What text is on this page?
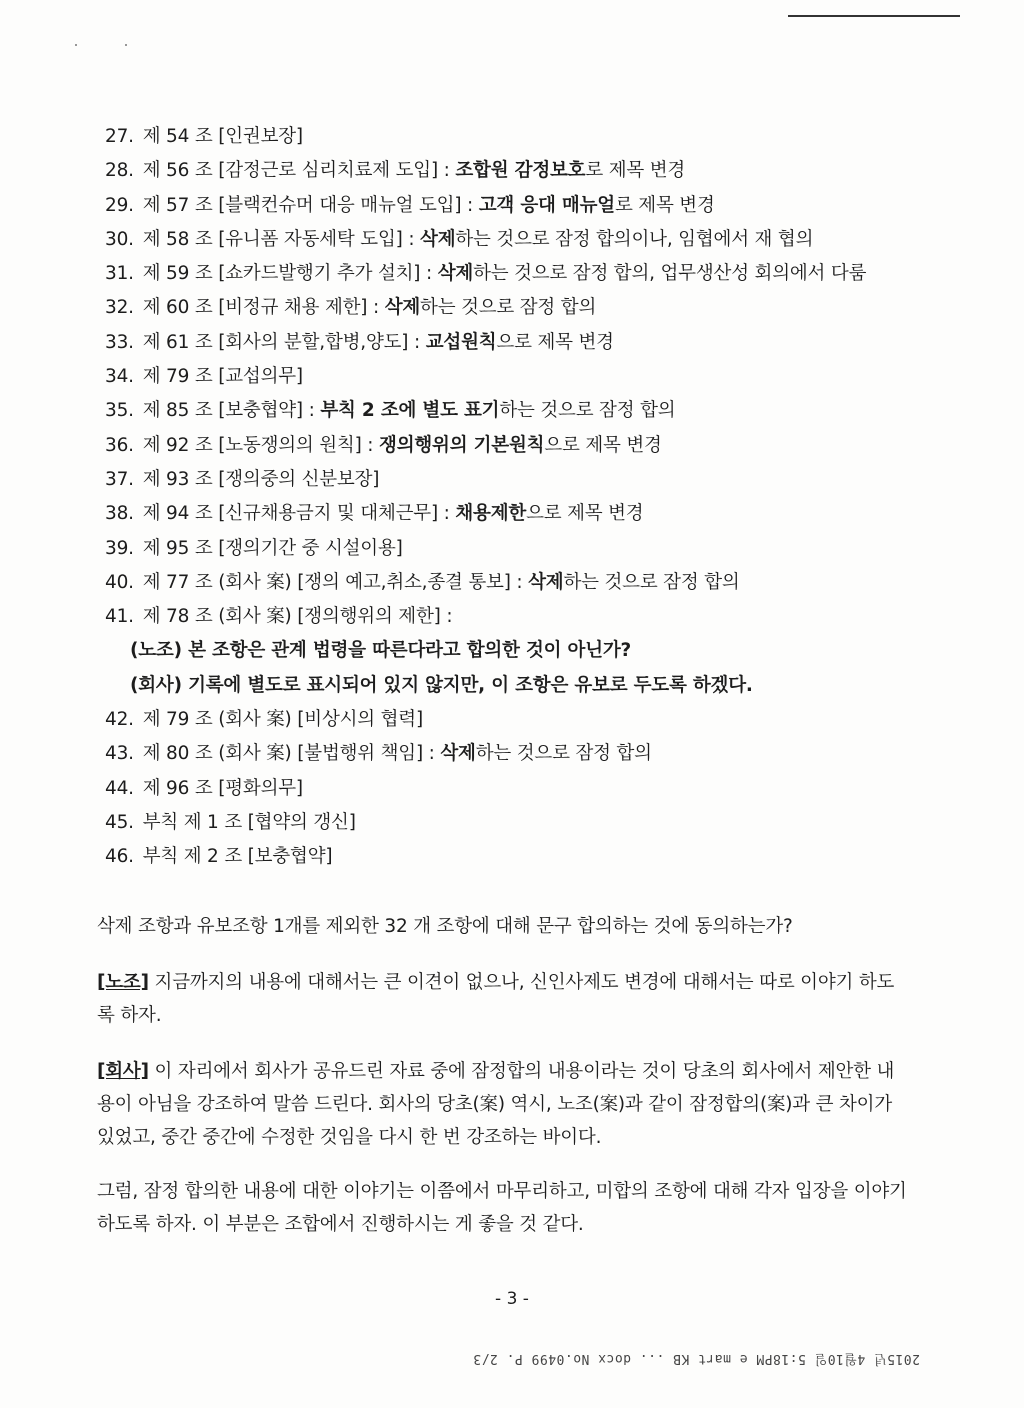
27. 제 54 조 [인권보장]
28. 제 56 조 [감정근로 심리치료제 도입] : 조합원 감정보호로 제목 변경
29. 제 57 조 [블랙컨슈머 대응 매뉴얼 도입] : 고객 응대 매뉴얼로 제목 변경
30. 제 58 조 [유니폼 자동세탁 도입] : 삭제하는 것으로 잠정 합의이나, 임협에서 재 협의
31. 제 59 조 [쇼카드발행기 추가 설치] : 삭제하는 것으로 잠정 합의, 업무생산성 회의에서 다룸
32. 제 60 조 [비정규 채용 제한] : 삭제하는 것으로 잠정 합의
33. 제 61 조 [회사의 분할,합병,양도] : 교섭원칙으로 제목 변경
34. 제 79 조 [교섭의무]
35. 제 85 조 [보충협약] : 부칙 2 조에 별도 표기하는 것으로 잠정 합의
36. 제 92 조 [노동쟁의의 원칙] : 쟁의행위의 기본원칙으로 제목 변경
37. 제 93 조 [쟁의중의 신분보장]
38. 제 94 조 [신규채용금지 및 대체근무] : 채용제한으로 제목 변경
39. 제 95 조 [쟁의기간 중 시설이용]
40. 제 77 조 (회사 案) [쟁의 예고,취소,종결 통보] : 삭제하는 것으로 잠정 합의
41. 제 78 조 (회사 案) [쟁의행위의 제한] :
(노조) 본 조항은 관계 법령을 따른다라고 합의한 것이 아닌가?
(회사) 기록에 별도로 표시되어 있지 않지만, 이 조항은 유보로 두도록 하겠다.
42. 제 79 조 (회사 案) [비상시의 협력]
43. 제 80 조 (회사 案) [불법행위 책임] : 삭제하는 것으로 잠정 합의
44. 제 96 조 [평화의무]
45. 부칙 제 1 조 [협약의 갱신]
46. 부칙 제 2 조 [보충협약]

삭제 조항과 유보조항 1개를 제외한 32 개 조항에 대해 문구 합의하는 것에 동의하는가?

[노조] 지금까지의 내용에 대해서는 큰 이견이 없으나, 신인사제도 변경에 대해서는 따로 이야기 하도록 하자.

[회사] 이 자리에서 회사가 공유드린 자료 중에 잠정합의 내용이라는 것이 당초의 회사에서 제안한 내용이 아님을 강조하여 말씀 드린다. 회사의 당초(案) 역시, 노조(案)과 같이 잠정합의(案)과 큰 차이가 있었고, 중간 중간에 수정한 것임을 다시 한 번 강조하는 바이다.

그럼, 잠정 합의한 내용에 대한 이야기는 이쯤에서 마무리하고, 미합의 조항에 대해 각자 입장을 이야기하도록 하자. 이 부분은 조합에서 진행하시는 게 좋을 것 같다.

- 3 -
2015년 4월10일 5:18PM e mart KB ... docx No.0499 P. 2/3
